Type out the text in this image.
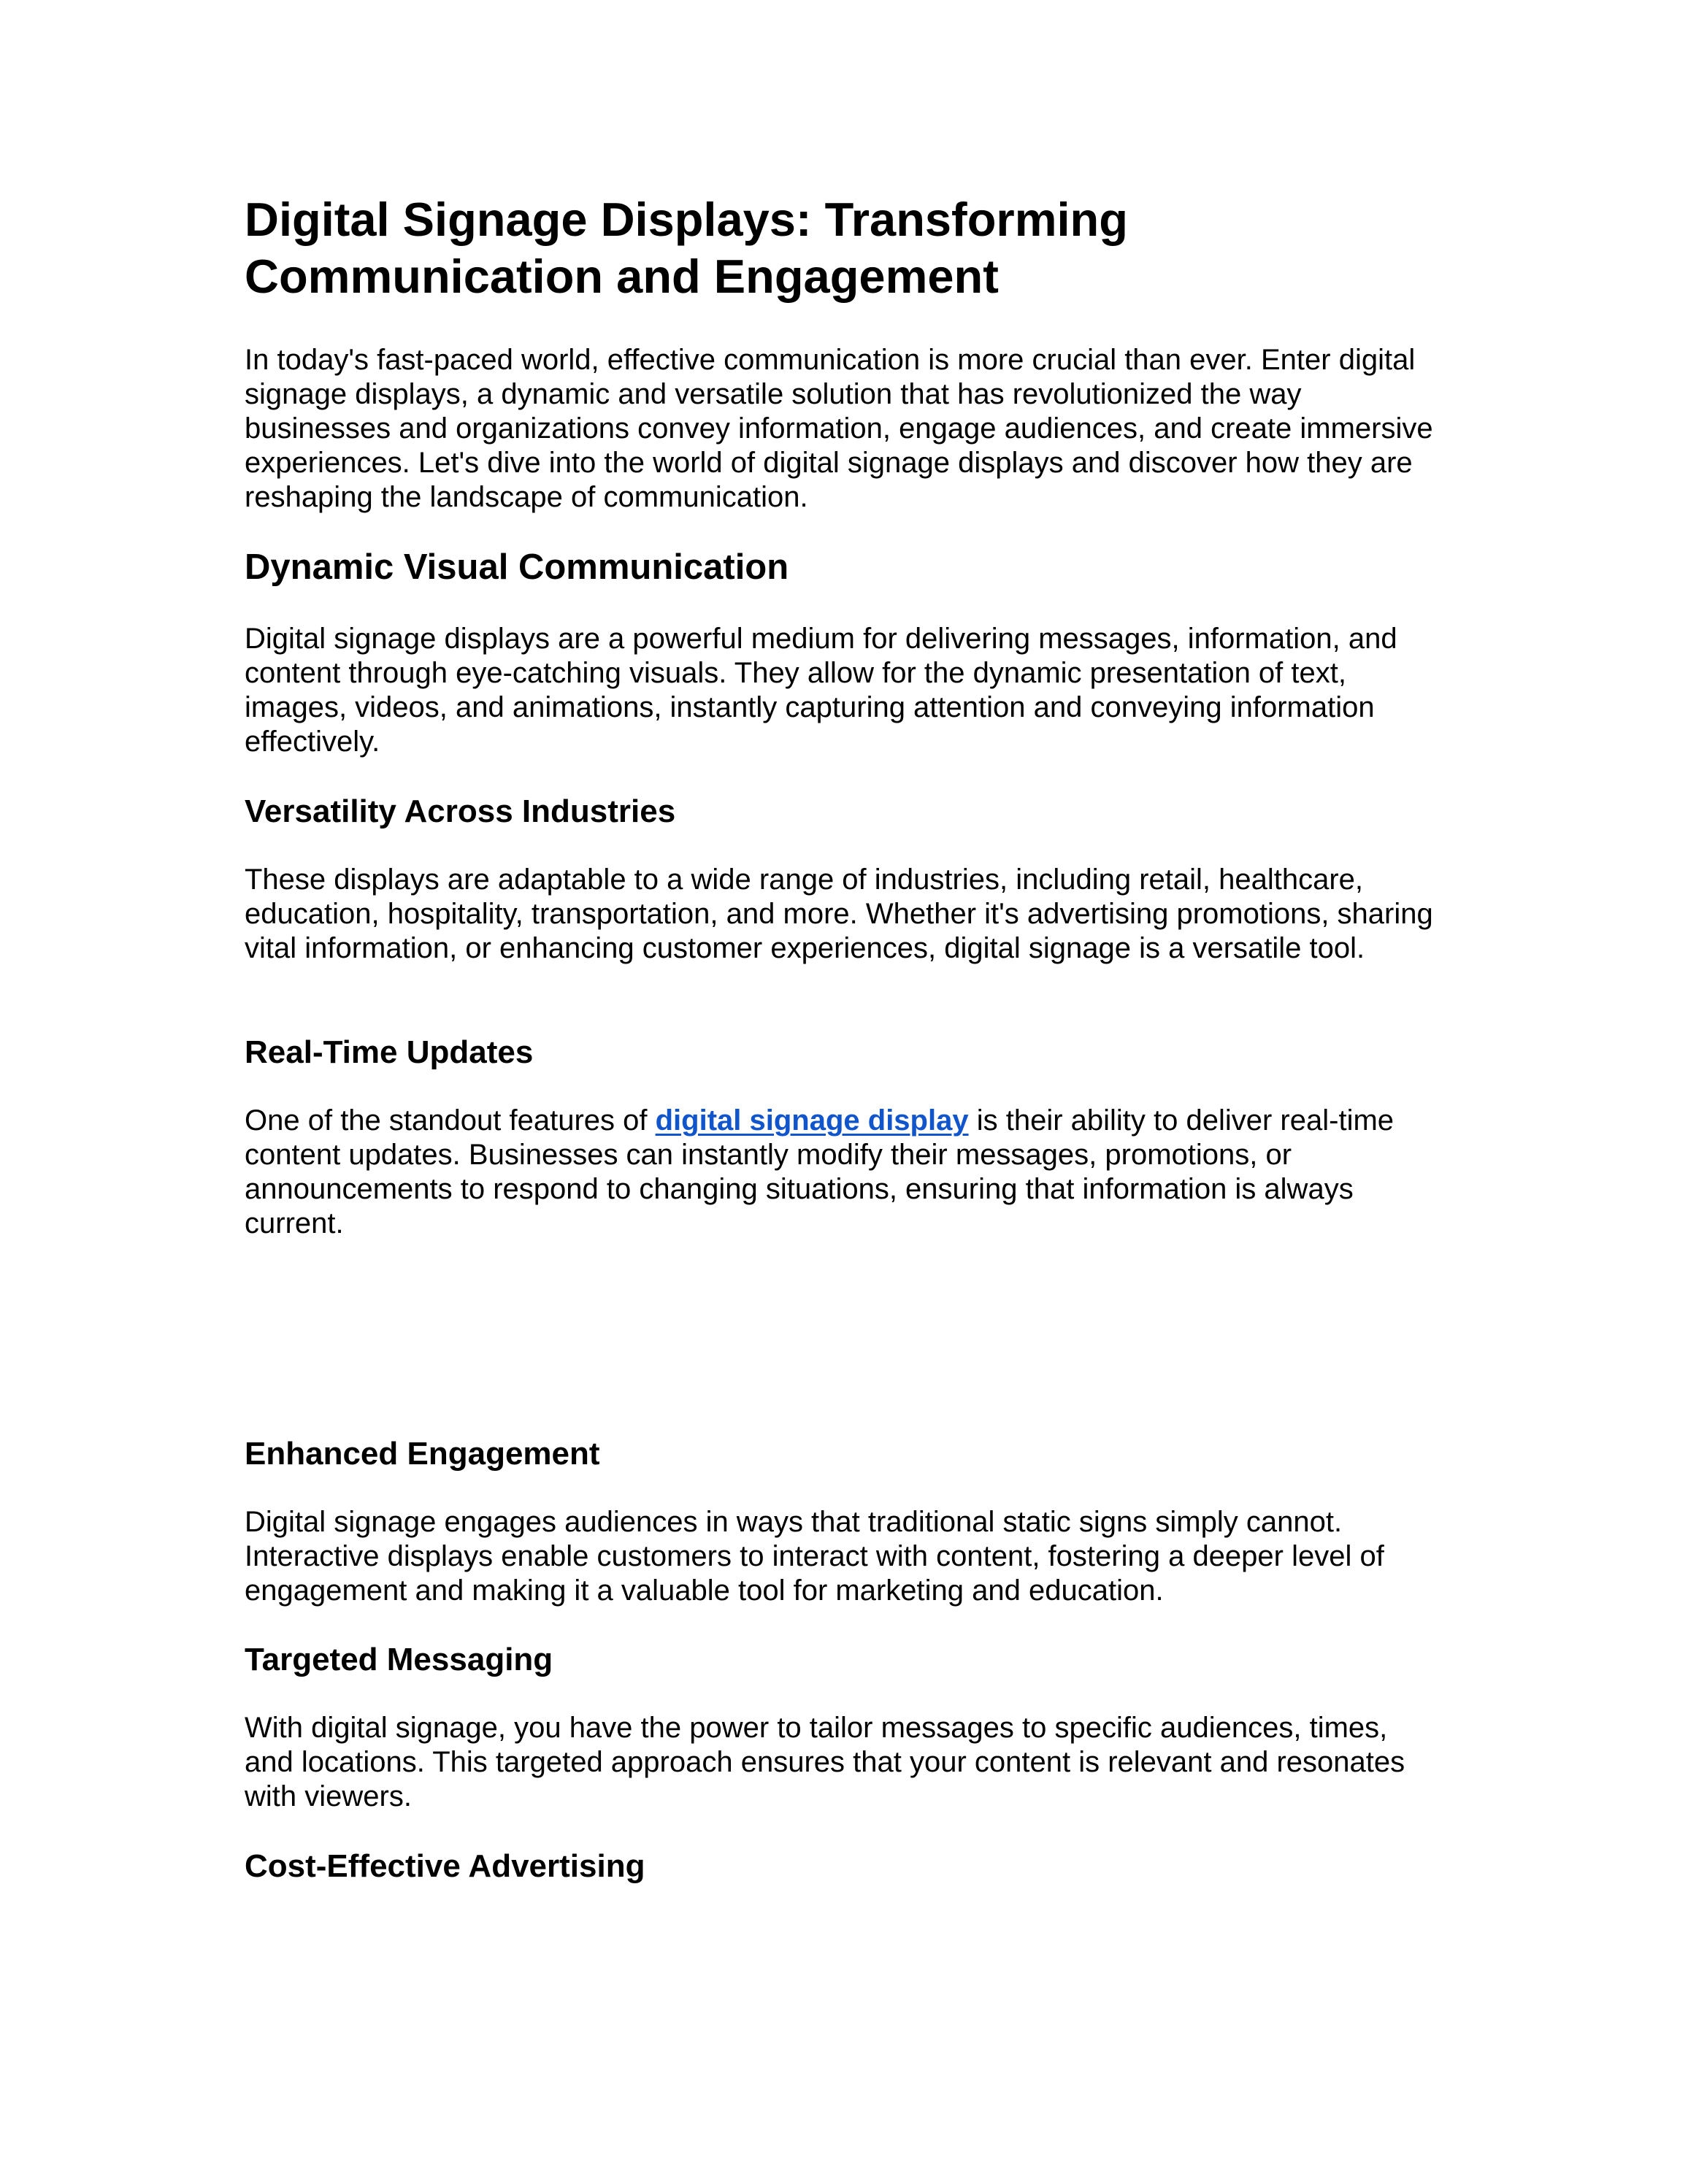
Digital Signage Displays: Transforming Communication and Engagement

In today's fast-paced world, effective communication is more crucial than ever. Enter digital signage displays, a dynamic and versatile solution that has revolutionized the way businesses and organizations convey information, engage audiences, and create immersive experiences. Let's dive into the world of digital signage displays and discover how they are reshaping the landscape of communication.

Dynamic Visual Communication

Digital signage displays are a powerful medium for delivering messages, information, and content through eye-catching visuals. They allow for the dynamic presentation of text, images, videos, and animations, instantly capturing attention and conveying information effectively.

Versatility Across Industries

These displays are adaptable to a wide range of industries, including retail, healthcare, education, hospitality, transportation, and more. Whether it's advertising promotions, sharing vital information, or enhancing customer experiences, digital signage is a versatile tool.

Real-Time Updates

One of the standout features of digital signage display is their ability to deliver real-time content updates. Businesses can instantly modify their messages, promotions, or announcements to respond to changing situations, ensuring that information is always current.

Enhanced Engagement

Digital signage engages audiences in ways that traditional static signs simply cannot. Interactive displays enable customers to interact with content, fostering a deeper level of engagement and making it a valuable tool for marketing and education.

Targeted Messaging

With digital signage, you have the power to tailor messages to specific audiences, times, and locations. This targeted approach ensures that your content is relevant and resonates with viewers.

Cost-Effective Advertising
